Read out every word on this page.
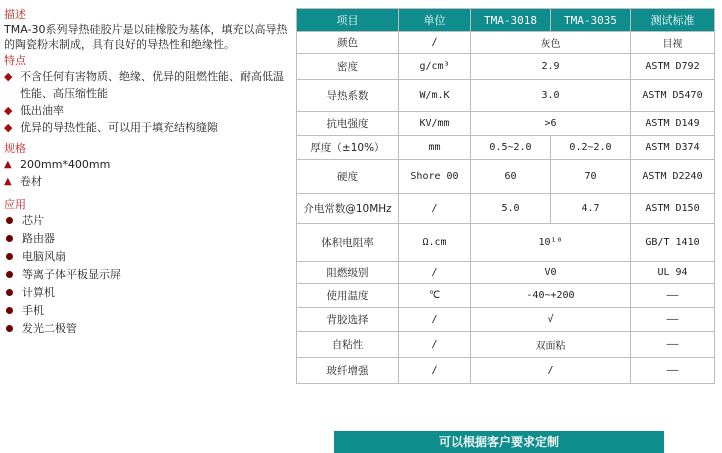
描述
TMA-30系列导热硅胶片是以硅橡胶为基体，填充以高导热的陶瓷粉末制成，具有良好的导热性和绝缘性。
特点
◆ 不含任何有害物质、绝缘、优异的阻燃性能、耐高低温性能、高压缩性能
◆ 低出油率
◆ 优异的导热性能、可以用于填充结构缝隙
规格
▲ 200mm*400mm
▲ 卷材
应用
芯片
路由器
电脑风扇
等离子体平板显示屏
计算机
手机
发光二极管
项目	单位	TMA-3018	TMA-3035	测试标准
颜色	/	灰色		目视
密度	g/cm³	2.9		ASTM D792
导热系数	W/m.K	3.0		ASTM D5470
抗电强度	KV/mm	>6		ASTM D149
厚度（±10%）	mm	0.5~2.0	0.2~2.0	ASTM D374
硬度	Shore 00	60	70	ASTM D2240
介电常数@10MHz	/	5.0	4.7	ASTM D150
体积电阻率	Ω.cm	10¹⁰		GB/T 1410
阻燃级别	/	V0		UL 94
使用温度	℃	-40~+200		——
背胶选择	/	√		——
自粘性	/	双面粘		——
玻纤增强	/	/		——
可以根据客户要求定制
